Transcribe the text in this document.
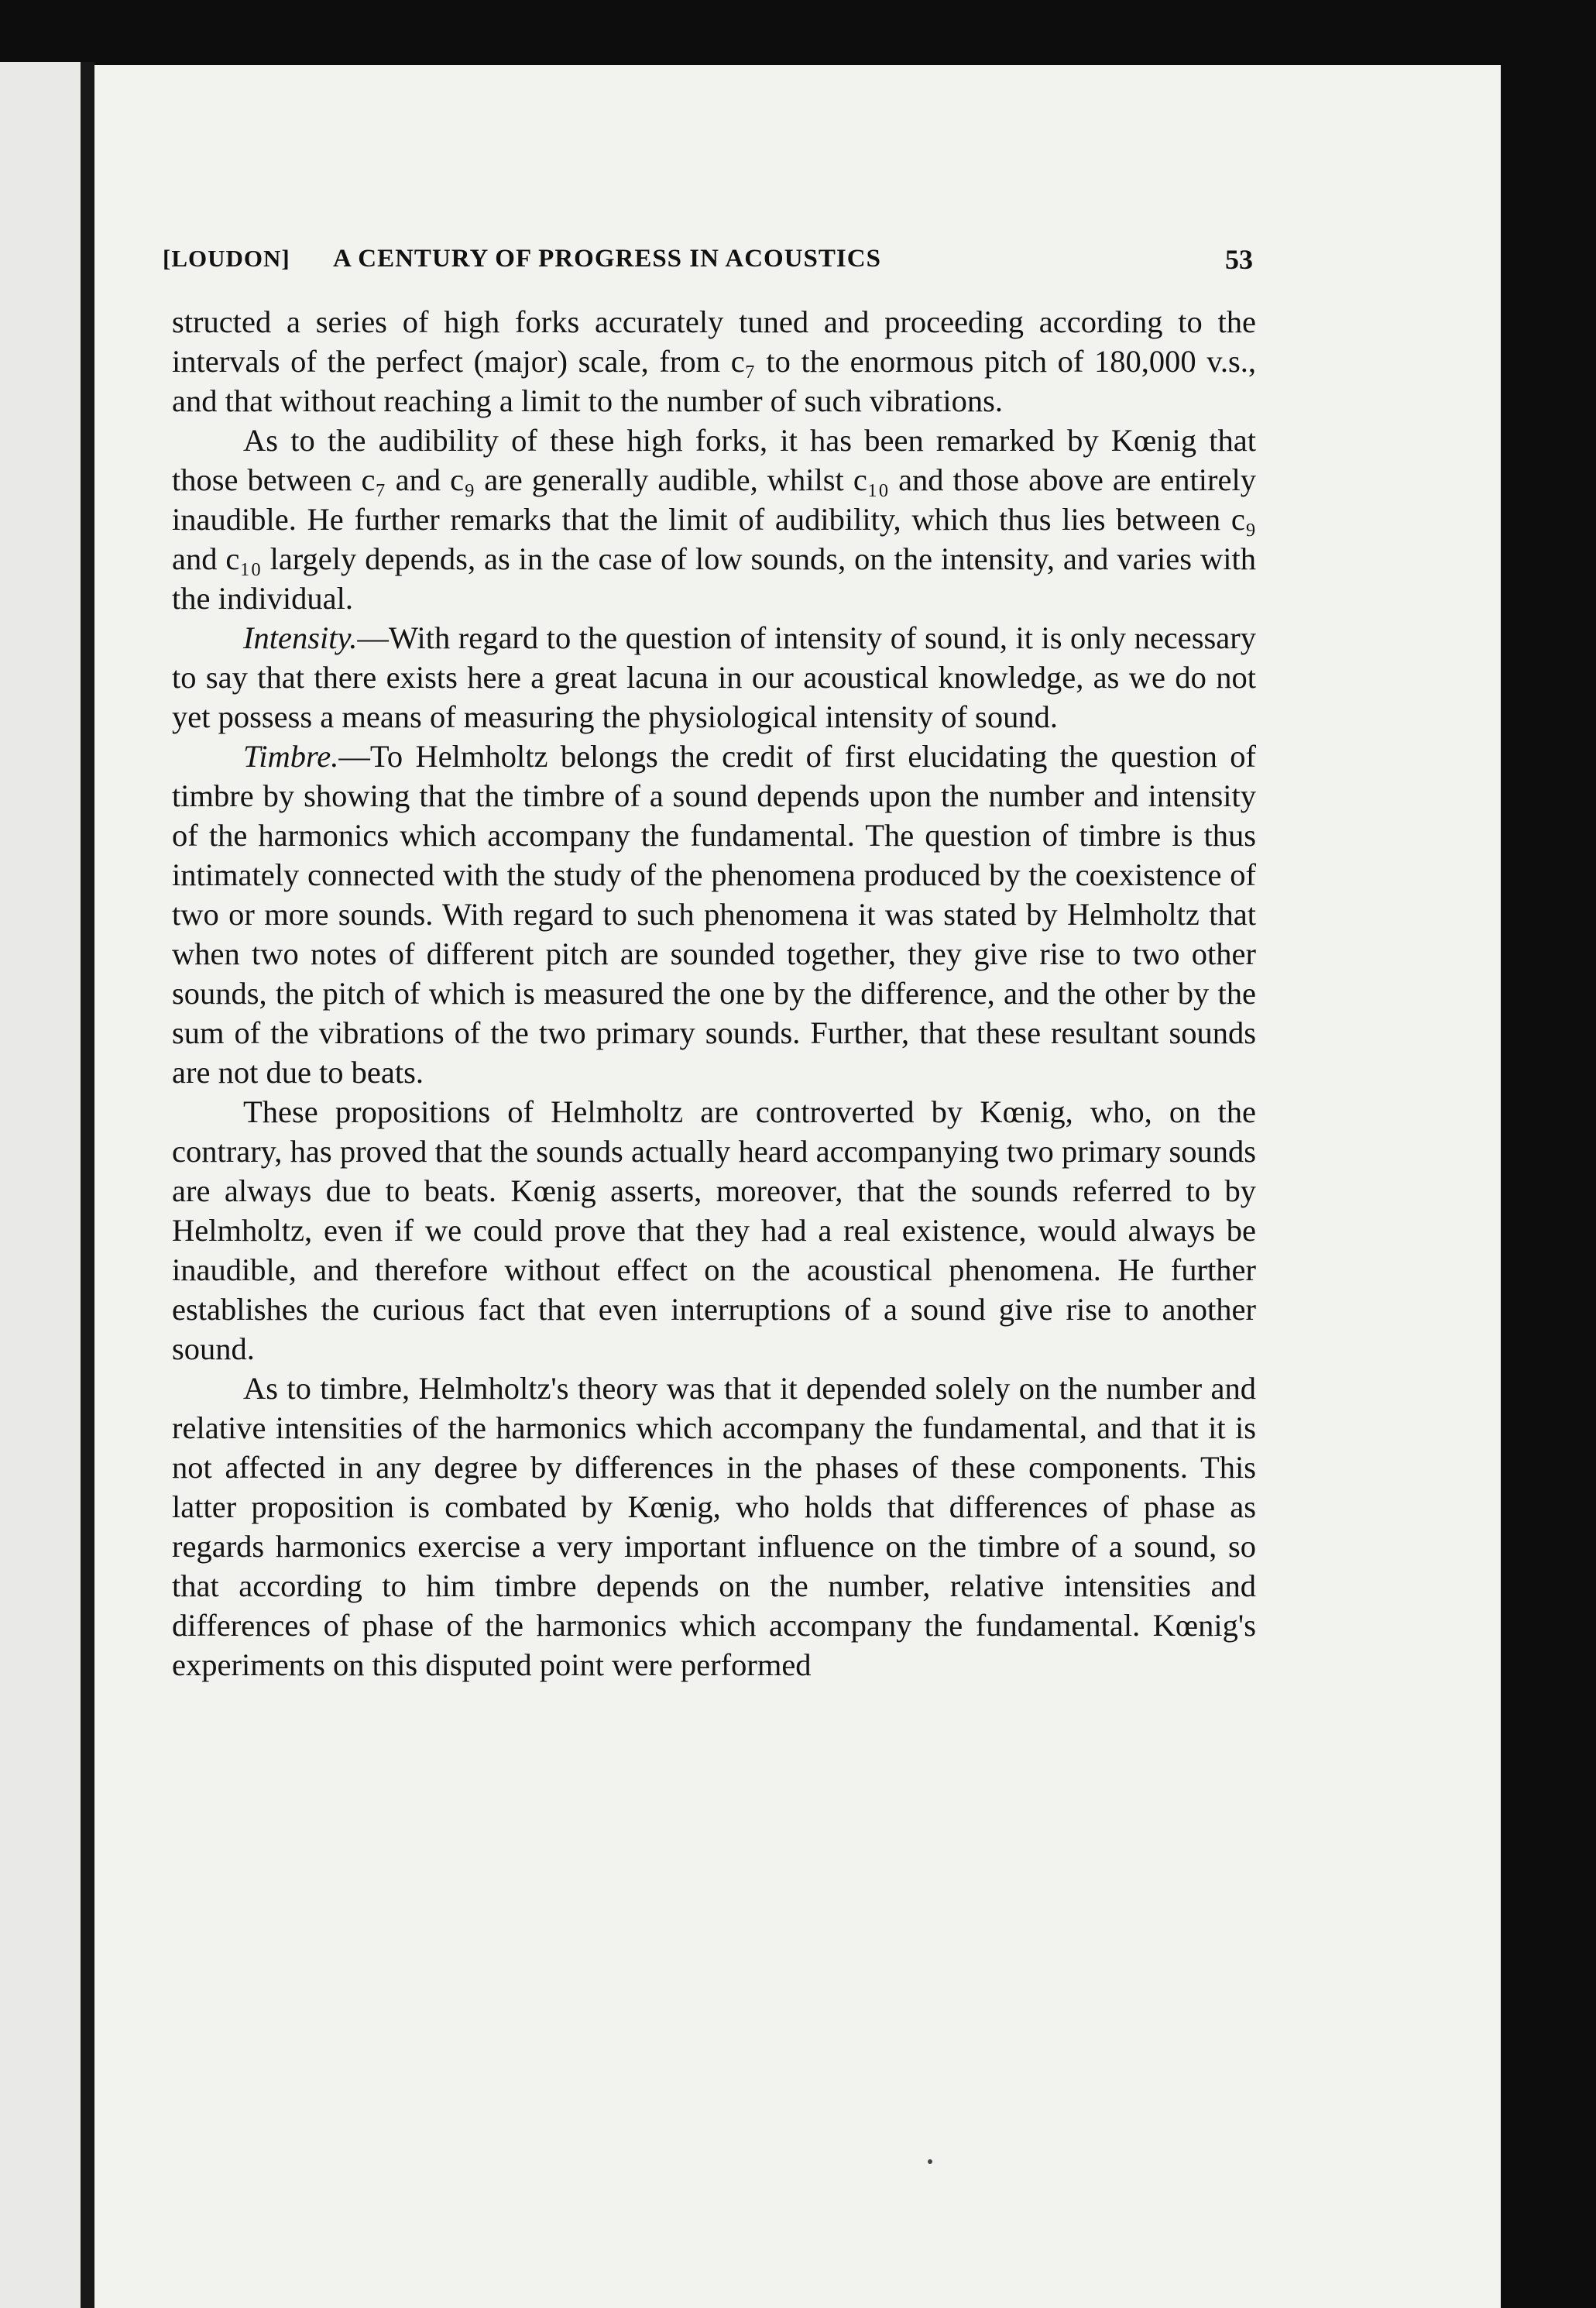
[LOUDON] A CENTURY OF PROGRESS IN ACOUSTICS	53

structed a series of high forks accurately tuned and proceeding according to the intervals of the perfect (major) scale, from c₇ to the enormous pitch of 180,000 v.s., and that without reaching a limit to the number of such vibrations.

As to the audibility of these high forks, it has been remarked by Kœnig that those between c₇ and c₉ are generally audible, whilst c₁₀ and those above are entirely inaudible. He further remarks that the limit of audibility, which thus lies between c₉ and c₁₀ largely depends, as in the case of low sounds, on the intensity, and varies with the individual.

Intensity.—With regard to the question of intensity of sound, it is only necessary to say that there exists here a great lacuna in our acoustical knowledge, as we do not yet possess a means of measuring the physiological intensity of sound.

Timbre.—To Helmholtz belongs the credit of first elucidating the question of timbre by showing that the timbre of a sound depends upon the number and intensity of the harmonics which accompany the fundamental. The question of timbre is thus intimately connected with the study of the phenomena produced by the coexistence of two or more sounds. With regard to such phenomena it was stated by Helmholtz that when two notes of different pitch are sounded together, they give rise to two other sounds, the pitch of which is measured the one by the difference, and the other by the sum of the vibrations of the two primary sounds. Further, that these resultant sounds are not due to beats.

These propositions of Helmholtz are controverted by Kœnig, who, on the contrary, has proved that the sounds actually heard accompanying two primary sounds are always due to beats. Kœnig asserts, moreover, that the sounds referred to by Helmholtz, even if we could prove that they had a real existence, would always be inaudible, and therefore without effect on the acoustical phenomena. He further establishes the curious fact that even interruptions of a sound give rise to another sound.

As to timbre, Helmholtz's theory was that it depended solely on the number and relative intensities of the harmonics which accompany the fundamental, and that it is not affected in any degree by differences in the phases of these components. This latter proposition is combated by Kœnig, who holds that differences of phase as regards harmonics exercise a very important influence on the timbre of a sound, so that according to him timbre depends on the number, relative intensities and differences of phase of the harmonics which accompany the fundamental. Kœnig's experiments on this disputed point were performed
